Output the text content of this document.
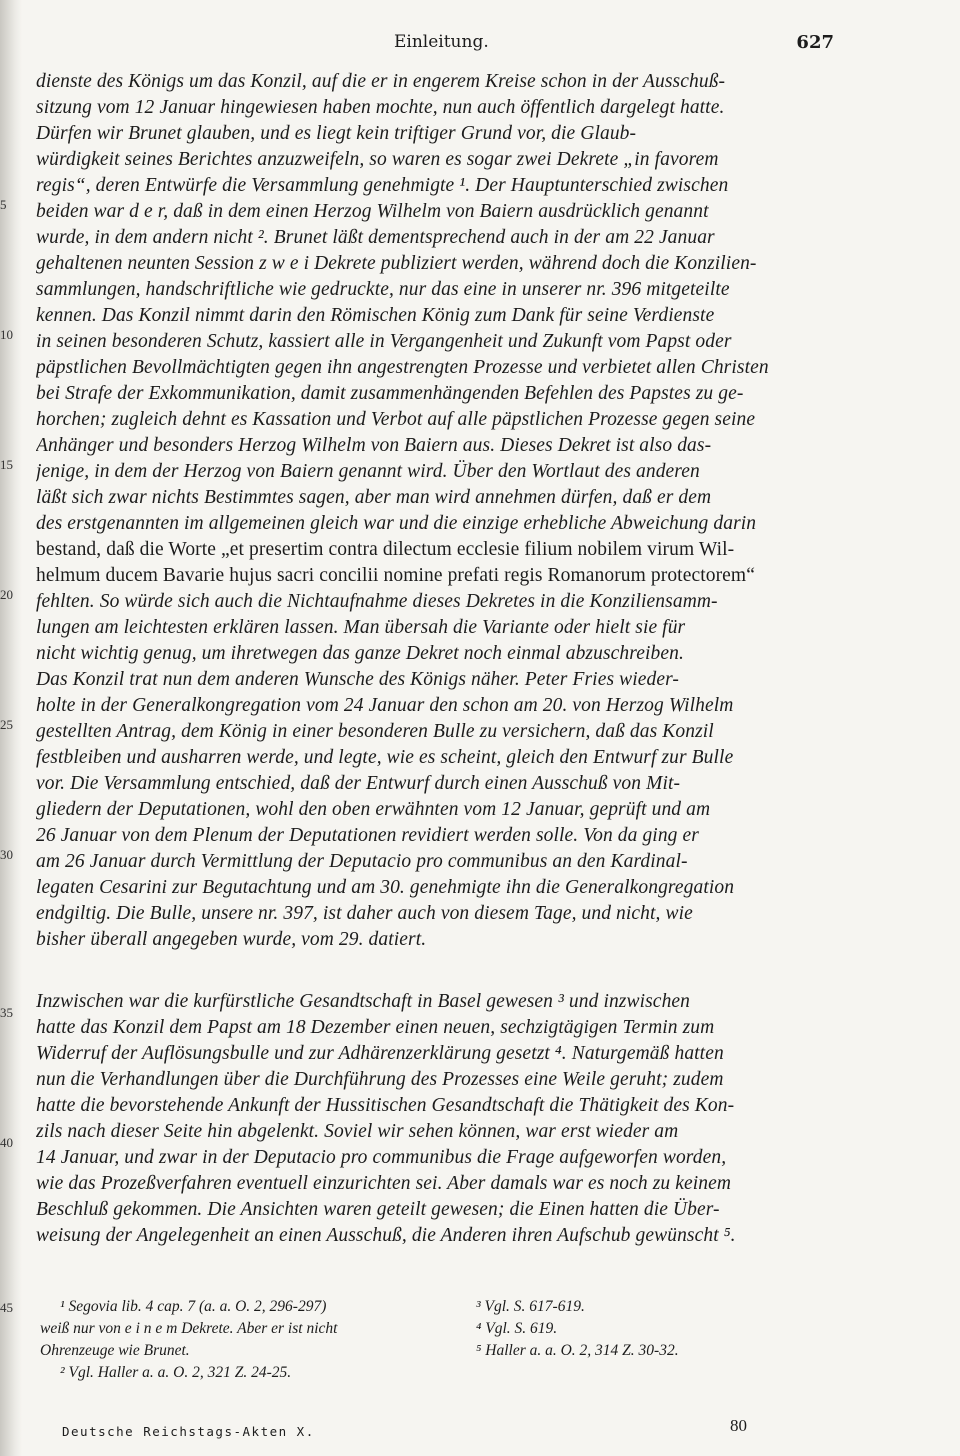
Einleitung.	627
5
10
15
20
25
30
35
40
45
dienste des Königs um das Konzil, auf die er in engerem Kreise schon in der Ausschuß-
sitzung vom 12 Januar hingewiesen haben mochte, nun auch öffentlich dargelegt hatte.
Dürfen wir Brunet glauben, und es liegt kein triftiger Grund vor, die Glaub-
würdigkeit seines Berichtes anzuzweifeln, so waren es sogar zwei Dekrete „in favorem
regis“, deren Entwürfe die Versammlung genehmigte ¹. Der Hauptunterschied zwischen
beiden war d e r, daß in dem einen Herzog Wilhelm von Baiern ausdrücklich genannt
wurde, in dem andern nicht ². Brunet läßt dementsprechend auch in der am 22 Januar
gehaltenen neunten Session z w e i Dekrete publiziert werden, während doch die Konzilien-
sammlungen, handschriftliche wie gedruckte, nur das eine in unserer nr. 396 mitgeteilte
kennen. Das Konzil nimmt darin den Römischen König zum Dank für seine Verdienste
in seinen besonderen Schutz, kassiert alle in Vergangenheit und Zukunft vom Papst oder
päpstlichen Bevollmächtigten gegen ihn angestrengten Prozesse und verbietet allen Christen
bei Strafe der Exkommunikation, damit zusammenhängenden Befehlen des Papstes zu ge-
horchen; zugleich dehnt es Kassation und Verbot auf alle päpstlichen Prozesse gegen seine
Anhänger und besonders Herzog Wilhelm von Baiern aus. Dieses Dekret ist also das-
jenige, in dem der Herzog von Baiern genannt wird. Über den Wortlaut des anderen
läßt sich zwar nichts Bestimmtes sagen, aber man wird annehmen dürfen, daß er dem
des erstgenannten im allgemeinen gleich war und die einzige erhebliche Abweichung darin
bestand, daß die Worte „et presertim contra dilectum ecclesie filium nobilem virum Wil-
helmum ducem Bavarie hujus sacri concilii nomine prefati regis Romanorum protectorem“
fehlten. So würde sich auch die Nichtaufnahme dieses Dekretes in die Konziliensamm-
lungen am leichtesten erklären lassen. Man übersah die Variante oder hielt sie für
nicht wichtig genug, um ihretwegen das ganze Dekret noch einmal abzuschreiben.
Das Konzil trat nun dem anderen Wunsche des Königs näher. Peter Fries wieder-
holte in der Generalkongregation vom 24 Januar den schon am 20. von Herzog Wilhelm
gestellten Antrag, dem König in einer besonderen Bulle zu versichern, daß das Konzil
festbleiben und ausharren werde, und legte, wie es scheint, gleich den Entwurf zur Bulle
vor. Die Versammlung entschied, daß der Entwurf durch einen Ausschuß von Mit-
gliedern der Deputationen, wohl den oben erwähnten vom 12 Januar, geprüft und am
26 Januar von dem Plenum der Deputationen revidiert werden solle. Von da ging er
am 26 Januar durch Vermittlung der Deputacio pro communibus an den Kardinal-
legaten Cesarini zur Begutachtung und am 30. genehmigte ihn die Generalkongregation
endgiltig. Die Bulle, unsere nr. 397, ist daher auch von diesem Tage, und nicht, wie
bisher überall angegeben wurde, vom 29. datiert.
Inzwischen war die kurfürstliche Gesandtschaft in Basel gewesen ³ und inzwischen
hatte das Konzil dem Papst am 18 Dezember einen neuen, sechzigtägigen Termin zum
Widerruf der Auflösungsbulle und zur Adhärenzerklärung gesetzt ⁴. Naturgemäß hatten
nun die Verhandlungen über die Durchführung des Prozesses eine Weile geruht; zudem
hatte die bevorstehende Ankunft der Hussitischen Gesandtschaft die Thätigkeit des Kon-
zils nach dieser Seite hin abgelenkt. Soviel wir sehen können, war erst wieder am
14 Januar, und zwar in der Deputacio pro communibus die Frage aufgeworfen worden,
wie das Prozeßverfahren eventuell einzurichten sei. Aber damals war es noch zu keinem
Beschluß gekommen. Die Ansichten waren geteilt gewesen; die Einen hatten die Über-
weisung der Angelegenheit an einen Ausschuß, die Anderen ihren Aufschub gewünscht ⁵.
¹ Segovia lib. 4 cap. 7 (a. a. O. 2, 296-297)
weiß nur von e i n e m Dekrete. Aber er ist nicht
Ohrenzeuge wie Brunet.
² Vgl. Haller a. a. O. 2, 321 Z. 24-25.
³ Vgl. S. 617-619.
⁴ Vgl. S. 619.
⁵ Haller a. a. O. 2, 314 Z. 30-32.
Deutsche Reichstags-Akten X.	80
